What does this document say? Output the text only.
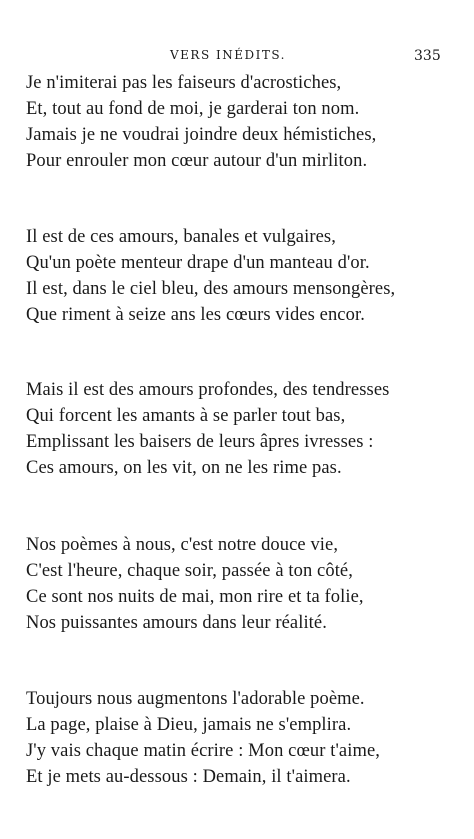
VERS INÉDITS.	335
Je n'imiterai pas les faiseurs d'acrostiches,
Et, tout au fond de moi, je garderai ton nom.
Jamais je ne voudrai joindre deux hémistiches,
Pour enrouler mon cœur autour d'un mirliton.
Il est de ces amours, banales et vulgaires,
Qu'un poète menteur drape d'un manteau d'or.
Il est, dans le ciel bleu, des amours mensongères,
Que riment à seize ans les cœurs vides encor.
Mais il est des amours profondes, des tendresses
Qui forcent les amants à se parler tout bas,
Emplissant les baisers de leurs âpres ivresses :
Ces amours, on les vit, on ne les rime pas.
Nos poèmes à nous, c'est notre douce vie,
C'est l'heure, chaque soir, passée à ton côté,
Ce sont nos nuits de mai, mon rire et ta folie,
Nos puissantes amours dans leur réalité.
Toujours nous augmentons l'adorable poème.
La page, plaise à Dieu, jamais ne s'emplira.
J'y vais chaque matin écrire : Mon cœur t'aime,
Et je mets au-dessous : Demain, il t'aimera.
